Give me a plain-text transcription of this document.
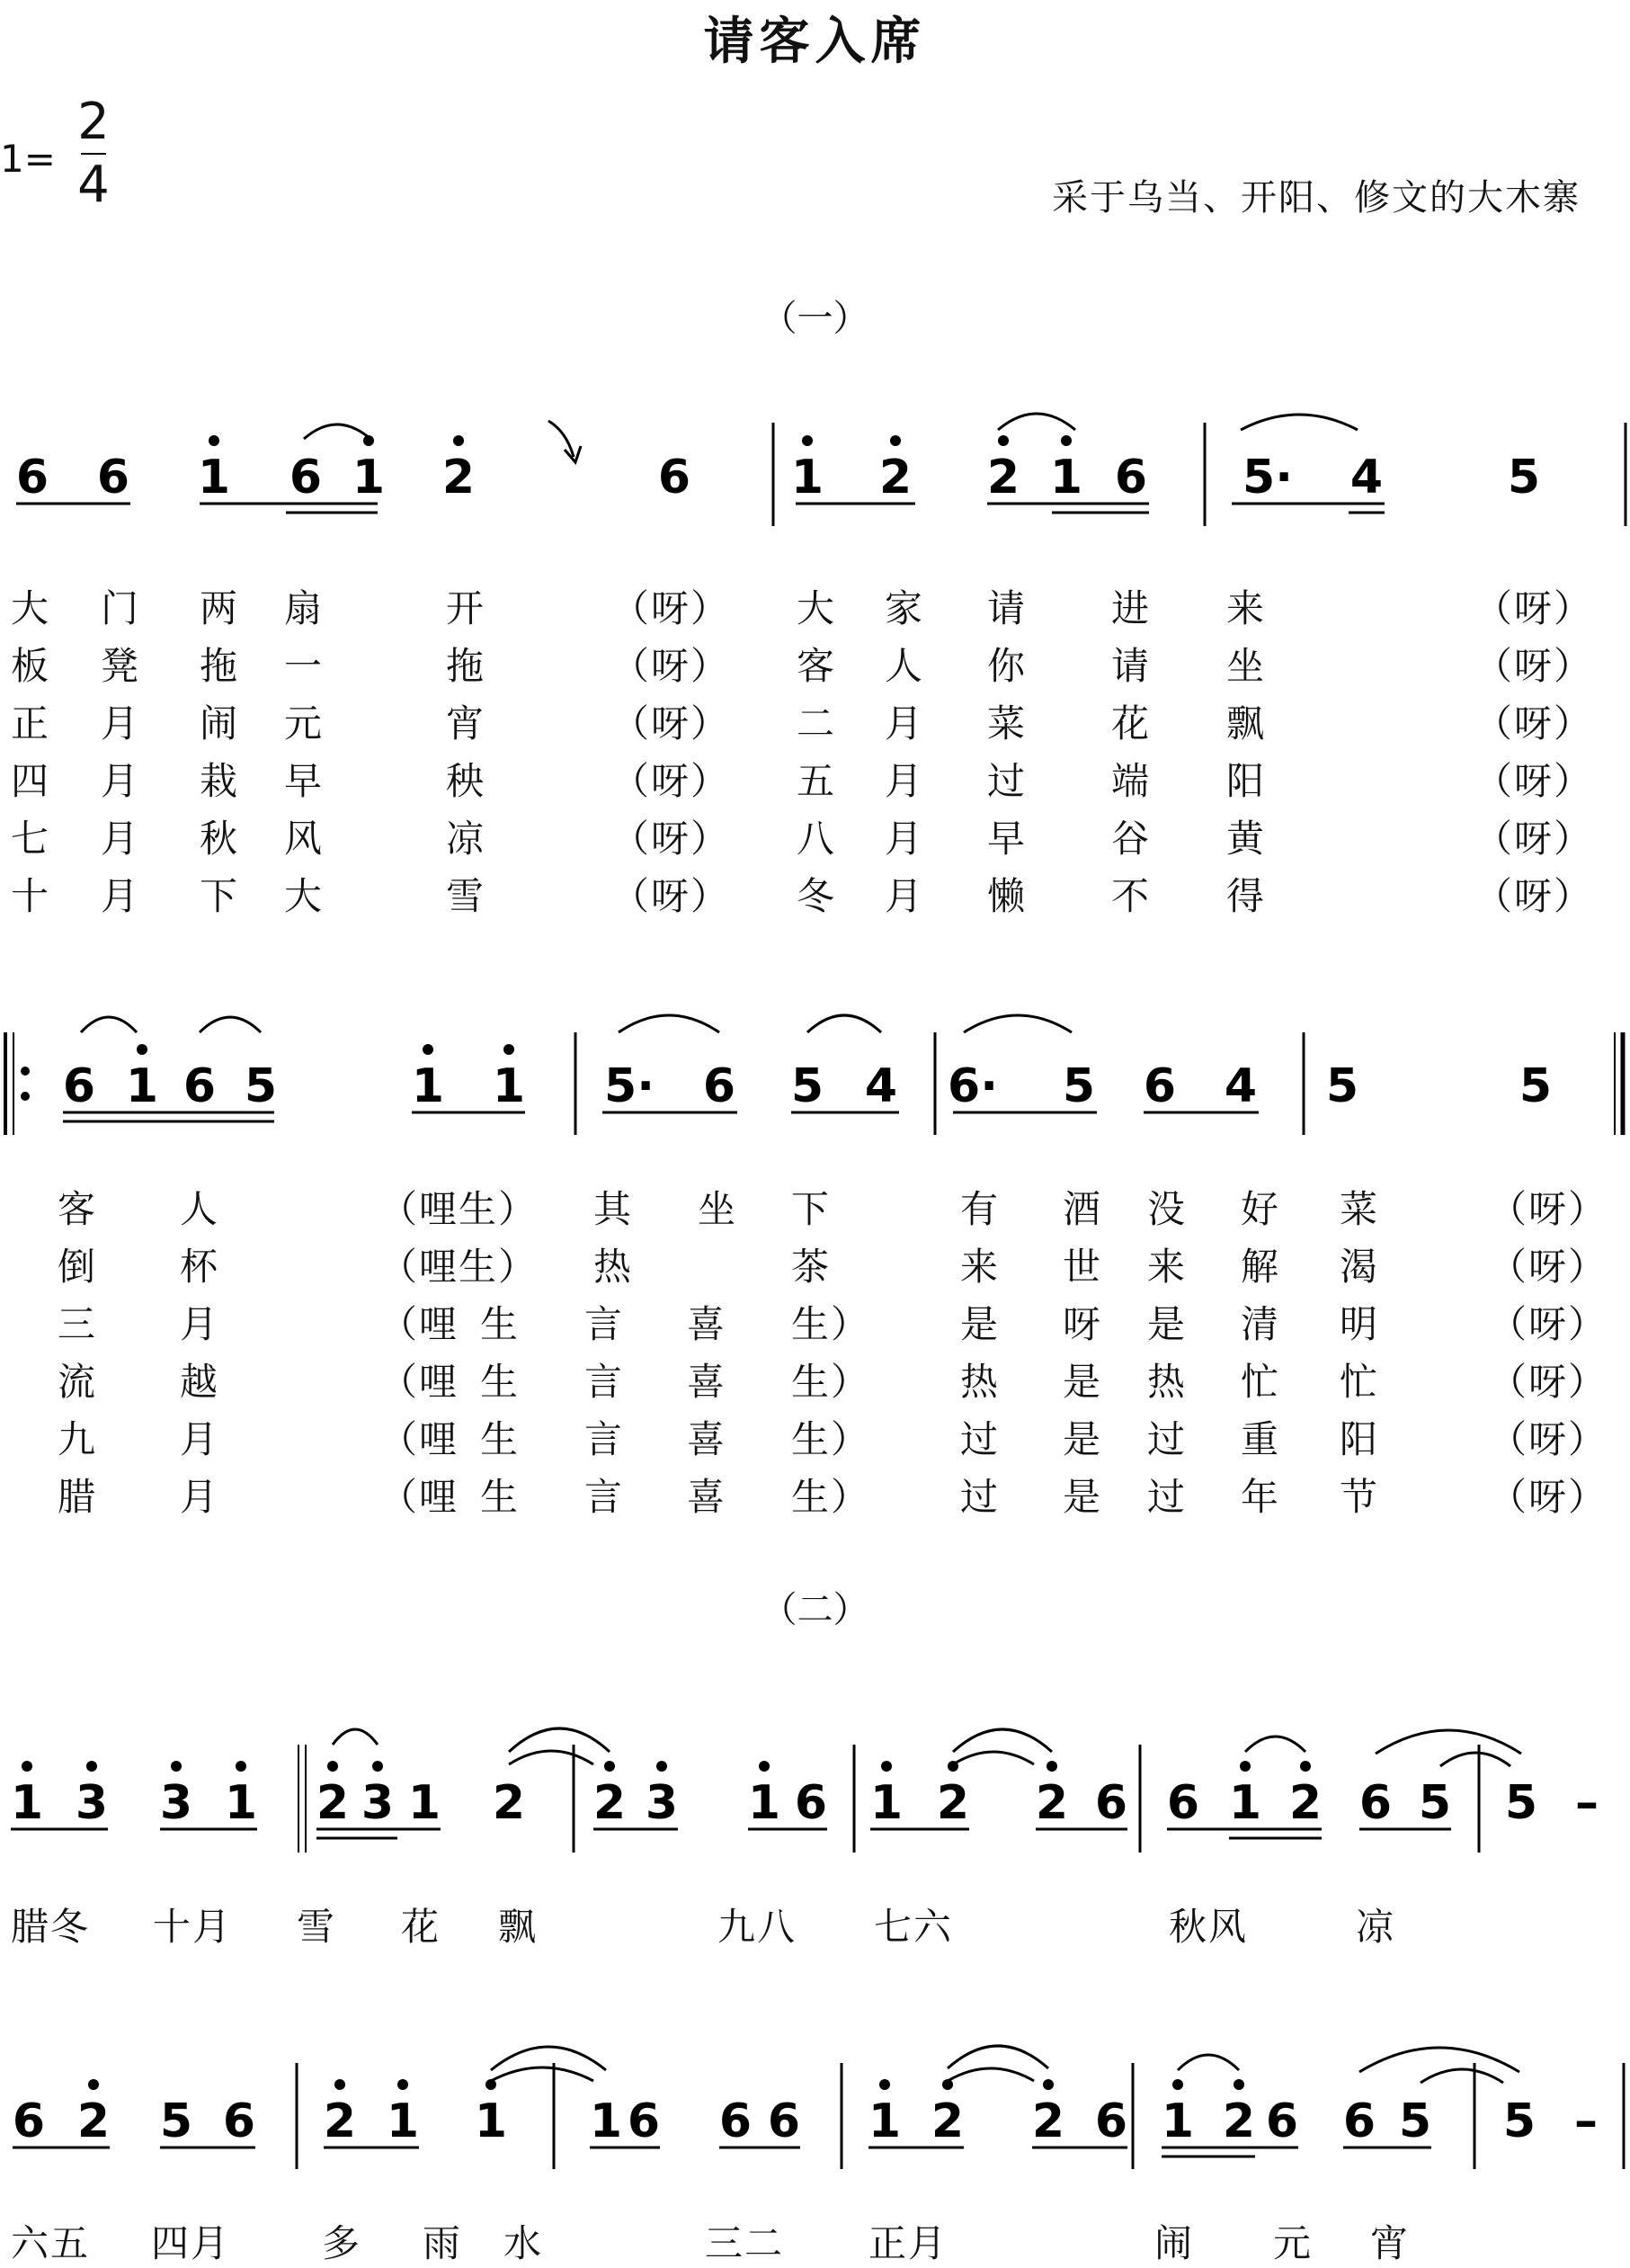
请客入席
1=
2
4	采于乌当、开阳、修文的大木寨
（一）
（二）
6 6 1 6 1 2	6 1 2 2 1 6 5· 4	5
6 1 6 5	1 1 5· 6 5 4 6· 5 6 4 5	5
1 3 3 1 2 3 1 2 2 3 1 6 1 2 2 6 6 1 2 6 5 5 –
6 2 5 6 2 1 1 1 6 6 6 1 2 2 6 1 2 6 6 5 5 –
大 门 两 扇	开	（呀） 大 家 请 进 来	（呀）
板 凳 拖 一	拖	（呀） 客 人 你 请 坐	（呀）
正 月 闹 元	宵	（呀） 二 月 菜 花 飘	（呀）
四 月 栽 早	秧	（呀） 五 月 过 端 阳	（呀）
七 月 秋 风	凉	（呀） 八 月 早 谷 黄	（呀）
十 月 下 大	雪	（呀） 冬 月 懒 不 得	（呀）
客 人	（哩生） 其 坐 下	有 酒 没 好 菜	（呀）
倒 杯	（哩生） 热	茶	来 世 来 解 渴	（呀）
三 月	（哩 生 言 喜 生） 是 呀 是 清 明	（呀）
流 越	（哩 生 言 喜 生） 热 是 热 忙 忙	（呀）
九 月	（哩 生 言 喜 生） 过 是 过 重 阳	（呀）
腊 月	（哩 生 言 喜 生） 过 是 过 年 节	（呀）
腊冬 十月 雪 花 飘	九八 七六	秋风	凉
六五 四月 多 雨 水	三二 正月	闹 元 宵
